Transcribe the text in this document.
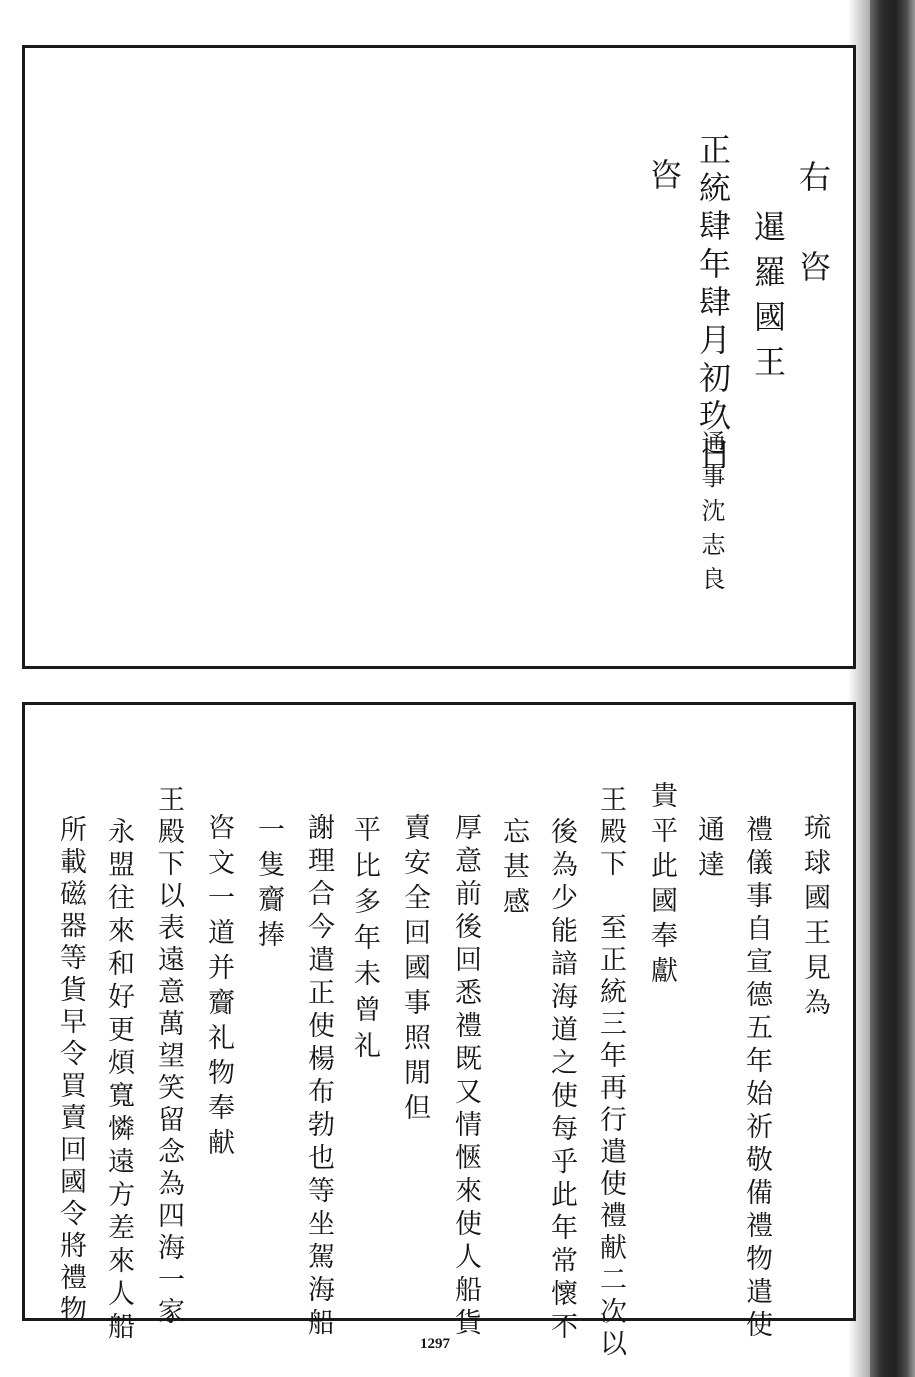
右　咨
暹羅國王
正統肆年肆月初玖日
通事沈志良
咨
琉球國王見為
禮儀事自宣德五年始祈敬備禮物遣使
通達
貴平此國奉獻
王殿下　至正統三年再行遣使禮献二次以
後為少能諳海道之使每乎此年常懷不
忘甚感
厚意前後回悉禮既又情愜來使人船貨
賣安全回國事照閒但
平比多年未曾礼
謝理合今遣正使楊布勃也等坐駕海船
一隻齎捧
咨文一道并齎礼物奉献
王殿下以表遠意萬望笑留念為四海一家
永盟往來和好更煩寬憐遠方差來人船
所載磁器等貨早令買賣回國令將禮物
1297
